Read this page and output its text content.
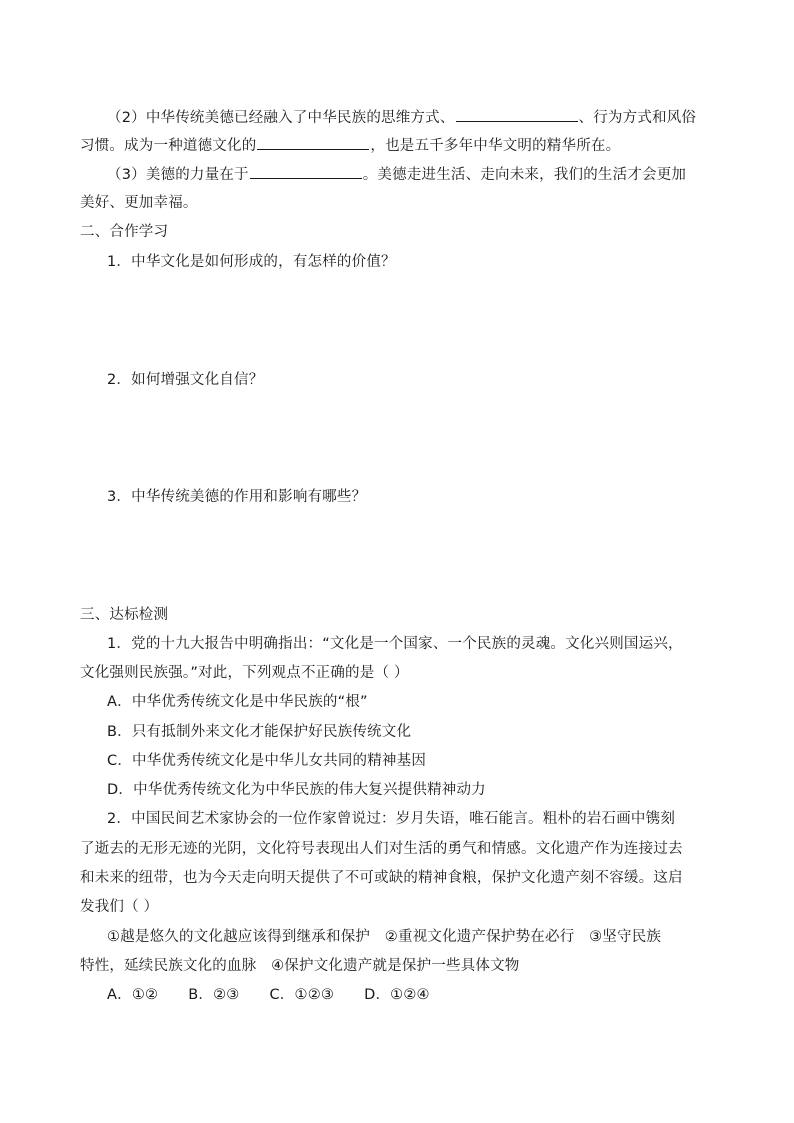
（2）中华传统美德已经融入了中华民族的思维方式、	、行为方式和风俗
习惯。成为一种道德文化的	，也是五千多年中华文明的精华所在。
（3）美德的力量在于	。美德走进生活、走向未来，我们的生活才会更加
美好、更加幸福。
二、合作学习
1．中华文化是如何形成的，有怎样的价值？
2．如何增强文化自信？
3．中华传统美德的作用和影响有哪些？
三、达标检测
1．党的十九大报告中明确指出：“文化是一个国家、一个民族的灵魂。文化兴则国运兴，
文化强则民族强。”对此，下列观点不正确的是（ ）
A．中华优秀传统文化是中华民族的“根”
B．只有抵制外来文化才能保护好民族传统文化
C．中华优秀传统文化是中华儿女共同的精神基因
D．中华优秀传统文化为中华民族的伟大复兴提供精神动力
2．中国民间艺术家协会的一位作家曾说过：岁月失语，唯石能言。粗朴的岩石画中镌刻
了逝去的无形无迹的光阴，文化符号表现出人们对生活的勇气和情感。文化遗产作为连接过去
和未来的纽带，也为今天走向明天提供了不可或缺的精神食粮，保护文化遗产刻不容缓。这启
发我们（ ）
①越是悠久的文化越应该得到继承和保护　②重视文化遗产保护势在必行　③坚守民族
特性，延续民族文化的血脉　④保护文化遗产就是保护一些具体文物
A．①② B．②③ C．①②③ D．①②④
